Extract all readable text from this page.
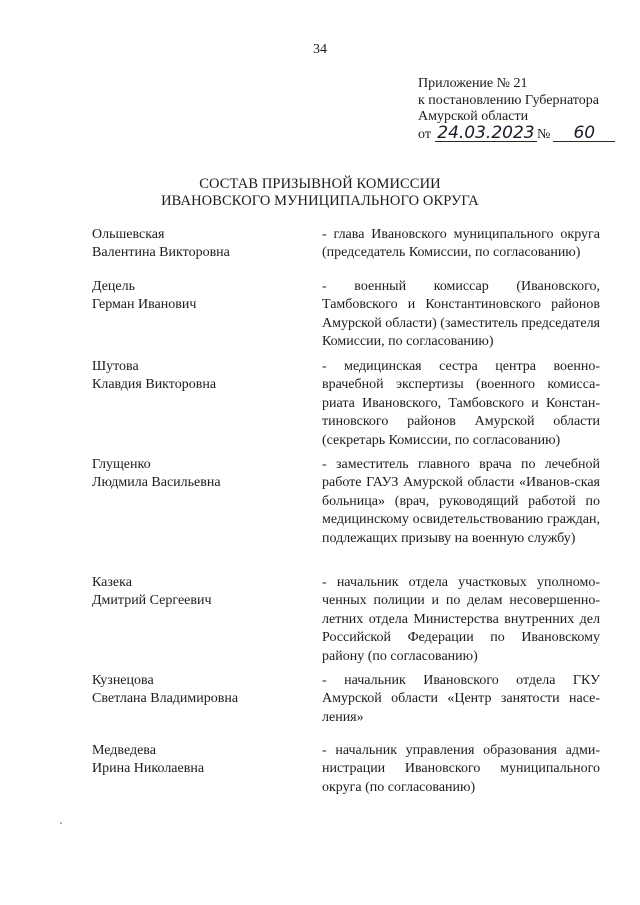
34
Приложение № 21
к постановлению Губернатора
Амурской области
от 24.03.2023 №	60
СОСТАВ ПРИЗЫВНОЙ КОМИССИИ
ИВАНОВСКОГО МУНИЦИПАЛЬНОГО ОКРУГА
Ольшевская
Валентина Викторовна
- глава Ивановского муниципального округа (председатель Комиссии, по согласованию)
Децель
Герман Иванович
- военный комиссар (Ивановского, Тамбовского и Константиновского районов Амурской области) (заместитель председателя Комиссии, по согласованию)
Шутова
Клавдия Викторовна
- медицинская сестра центра военно-врачебной экспертизы (военного комисса-риата Ивановского, Тамбовского и Констан-тиновского районов Амурской области (секретарь Комиссии, по согласованию)
Глущенко
Людмила Васильевна
- заместитель главного врача по лечебной работе ГАУЗ Амурской области «Иванов-ская больница» (врач, руководящий работой по медицинскому освидетельствованию граждан, подлежащих призыву на военную службу)
Казека
Дмитрий Сергеевич
- начальник отдела участковых уполномо-ченных полиции и по делам несовершенно-летних отдела Министерства внутренних дел Российской Федерации по Ивановскому району (по согласованию)
Кузнецова
Светлана Владимировна
- начальник Ивановского отдела ГКУ Амурской области «Центр занятости насе-ления»
Медведева
Ирина Николаевна
- начальник управления образования адми-нистрации Ивановского муниципального округа (по согласованию)
